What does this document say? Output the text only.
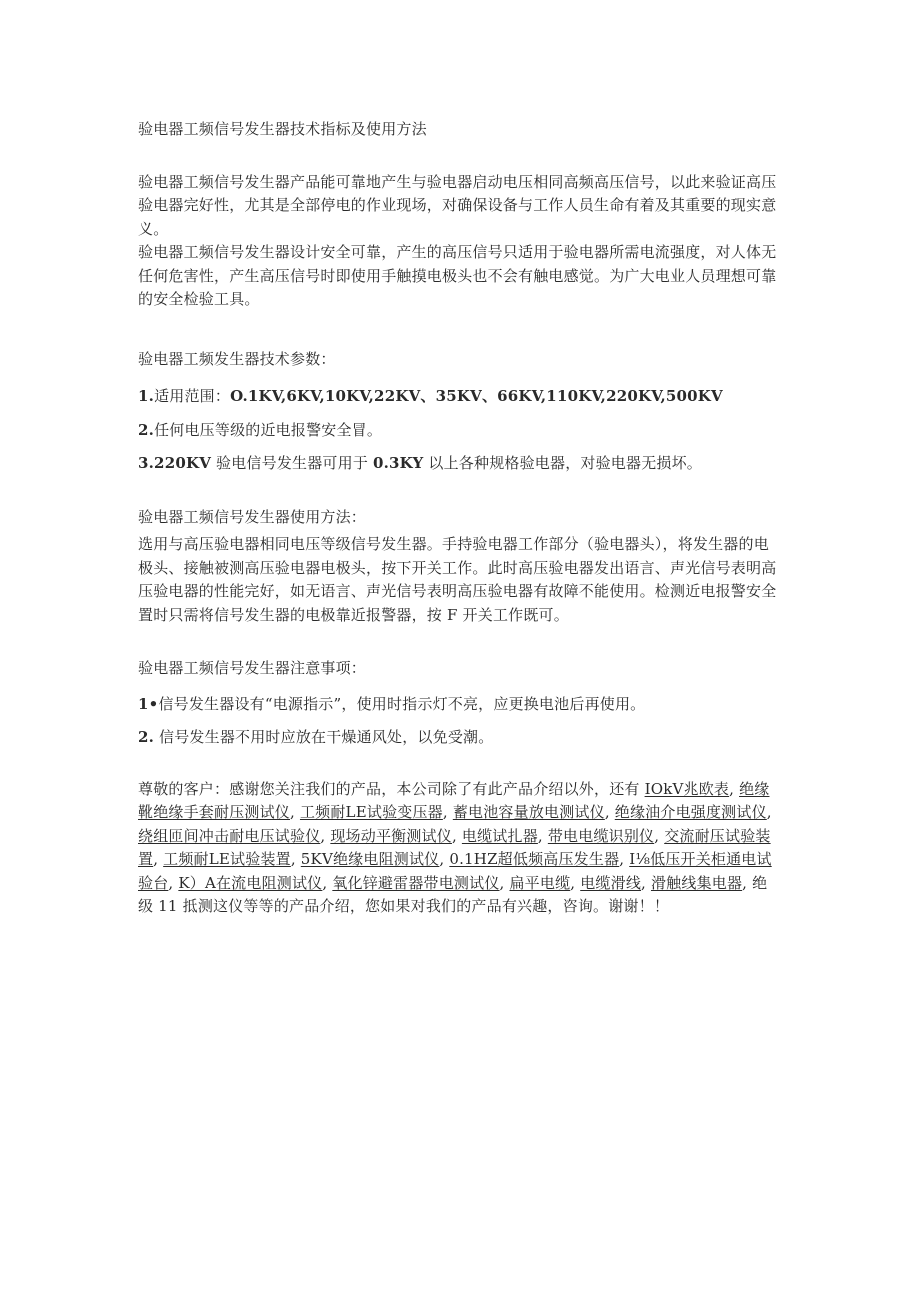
验电器工频信号发生器技术指标及使用方法

验电器工频信号发生器产品能可靠地产生与验电器启动电压相同高频高压信号，以此来验证高压验电器完好性，尤其是全部停电的作业现场，对确保设备与工作人员生命有着及其重要的现实意义。

验电器工频信号发生器设计安全可靠，产生的高压信号只适用于验电器所需电流强度，对人体无任何危害性，产生高压信号时即使用手触摸电极头也不会有触电感觉。为广大电业人员理想可靠的安全检验工具。

验电器工频发生器技术参数：

1.适用范围：O.1KV,6KV,10KV,22KV、35KV、66KV,110KV,220KV,500KV

2.任何电压等级的近电报警安全冒。

3.220KV 验电信号发生器可用于 0.3KY 以上各种规格验电器，对验电器无损坏。

验电器工频信号发生器使用方法：

选用与高压验电器相同电压等级信号发生器。手持验电器工作部分（验电器头），将发生器的电极头、接触被测高压验电器电极头，按下开关工作。此时高压验电器发出语言、声光信号表明高压验电器的性能完好，如无语言、声光信号表明高压验电器有故障不能使用。检测近电报警安全置时只需将信号发生器的电极靠近报警器，按 F 开关工作既可。

验电器工频信号发生器注意事项：

1•信号发生器设有“电源指示”，使用时指示灯不亮，应更换电池后再使用。

2. 信号发生器不用时应放在干燥通风处，以免受潮。

尊敬的客户：感谢您关注我们的产品，本公司除了有此产品介绍以外，还有 IOkV兆欧表, 绝缘靴绝缘手套耐压测试仪, 工频耐LE试验变压器, 蓄电池容量放电测试仪, 绝缘油介电强度测试仪, 绕组匝间冲击耐电压试验仪, 现场动平衡测试仪, 电缆试扎器, 带电电缆识别仪, 交流耐压试验装置, 工频耐LE试验装置, 5KV绝缘电阻测试仪, 0.1HZ超低频高压发生器, I⅛低压开关柜通电试验台, K）A在流电阻测试仪, 氧化锌避雷器带电测试仪, 扁平电缆, 电缆滑线, 滑触线集电器, 绝级 11 抵测这仪等等的产品介绍，您如果对我们的产品有兴趣，咨询。谢谢！！
